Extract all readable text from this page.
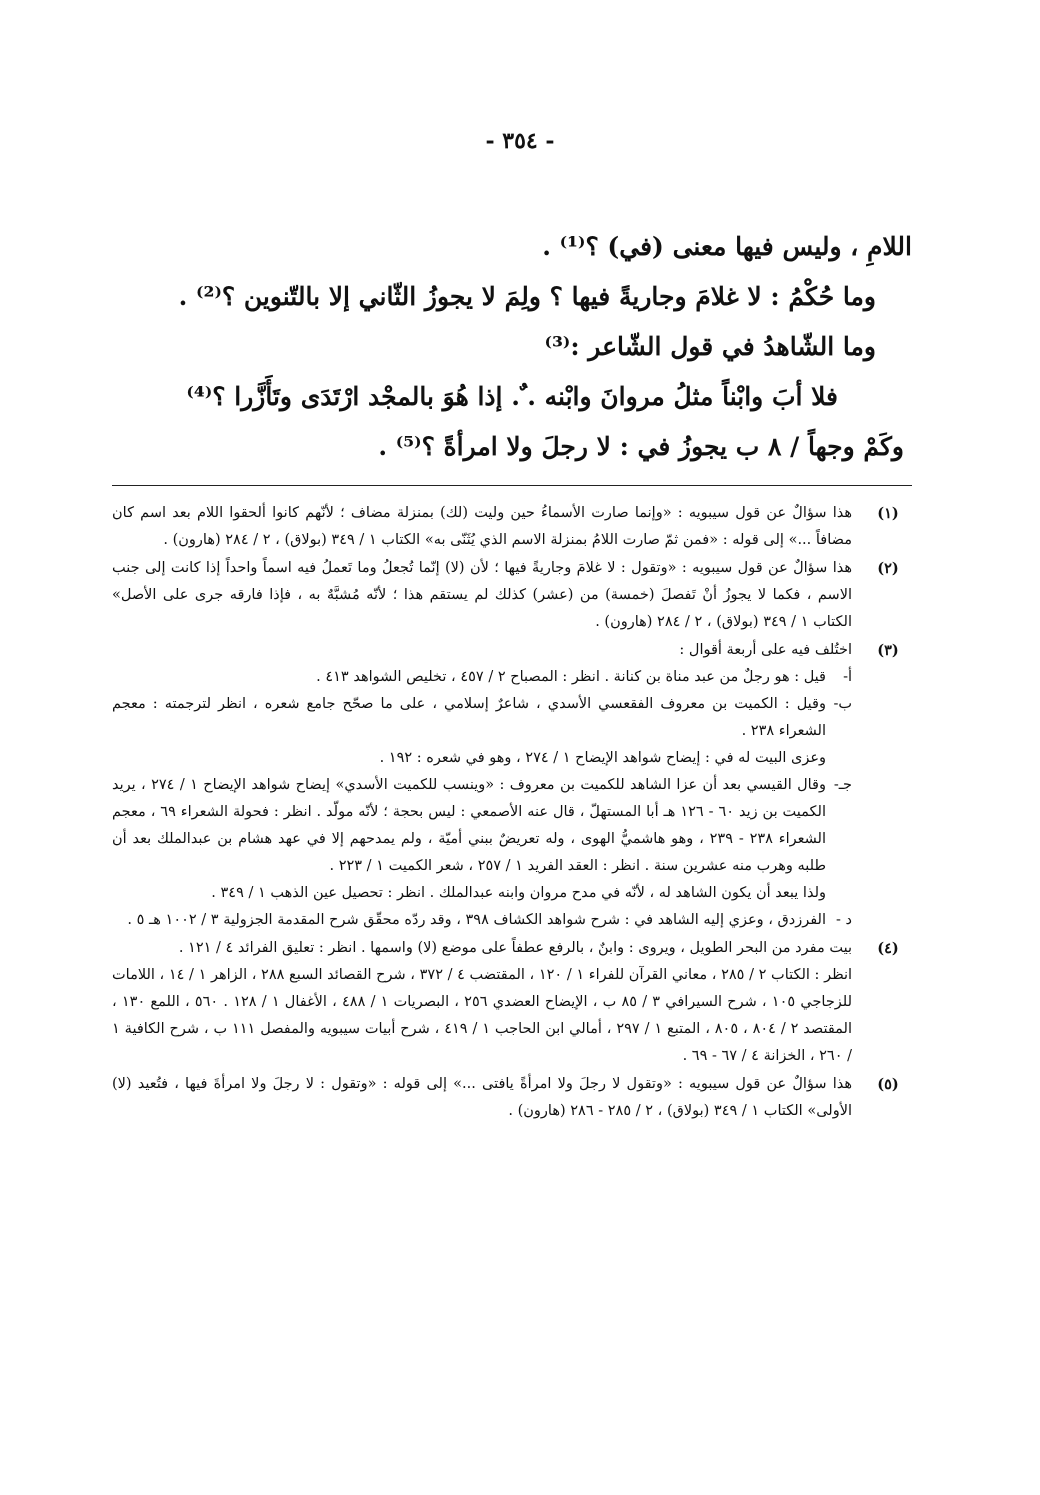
- ٣٥٤ -
اللامِ ، وليس فيها معنى (في) ؟⁽¹⁾ .
وما حُكْمُ : لا غلامَ وجاريةً فيها ؟ ولِمَ لا يجوزُ الثّاني إلا بالتّنوين ؟⁽²⁾ .
وما الشّاهدُ في قول الشّاعر :⁽³⁾
فلا أبَ وابْناً مثلُ مروانَ وابْنه . ٌ. إذا هُوَ بالمجْد ارْتَدَى وتَأَزَّرا ؟⁽⁴⁾
وكَمْ وجهاً / ٨ ب يجوزُ في : لا رجلَ ولا امرأةً ؟⁽⁵⁾ .
(١)
هذا سؤالٌ عن قول سيبويه : «وإنما صارت الأسماءُ حين وليت (لك) بمنزلة مضاف ؛ لأنّهم كانوا ألحقوا اللام بعد اسم كان مضافاً ...» إلى قوله : «فمن ثمّ صارت اللامُ بمنزلة الاسم الذي يُثَنّى به» الكتاب ١ / ٣٤٩ (بولاق) ، ٢ / ٢٨٤ (هارون) .
(٢)
هذا سؤالٌ عن قول سيبويه : «وتقول : لا غلامَ وجاريةً فيها ؛ لأن (لا) إنّما تُجعلُ وما تَعملُ فيه اسماً واحداً إذا كانت إلى جنب الاسم ، فكما لا يجوزُ أنْ تَفصلَ (خمسة) من (عشر) كذلك لم يستقم هذا ؛ لأنّه مُشبَّهٌ به ، فإذا فارقه جرى على الأصل» الكتاب ١ / ٣٤٩ (بولاق) ، ٢ / ٢٨٤ (هارون) .
(٣)
اختُلف فيه على أربعة أقوال :
أ-
قيل : هو رجلٌ من عبد مناة بن كنانة . انظر : المصباح ٢ / ٤٥٧ ، تخليص الشواهد ٤١٣ .
ب-
وقيل : الكميت بن معروف الفقعسي الأسدي ، شاعرٌ إسلامي ، على ما صحّح جامع شعره ، انظر لترجمته : معجم الشعراء ٢٣٨ .
وعزى البيت له في : إيضاح شواهد الإيضاح ١ / ٢٧٤ ، وهو في شعره : ١٩٢ .
جـ-
وقال القيسي بعد أن عزا الشاهد للكميت بن معروف : «وينسب للكميت الأسدي» إيضاح شواهد الإيضاح ١ / ٢٧٤ ، يريد الكميت بن زيد ٦٠ - ١٢٦ هـ أبا المستهلّ ، قال عنه الأصمعي : ليس بحجة ؛ لأنّه مولّد . انظر : فحولة الشعراء ٦٩ ، معجم الشعراء ٢٣٨ - ٢٣٩ ، وهو هاشميُّ الهوى ، وله تعريضٌ ببني أميّة ، ولم يمدحهم إلا في عهد هشام بن عبدالملك بعد أن طلبه وهرب منه عشرين سنة . انظر : العقد الفريد ١ / ٢٥٧ ، شعر الكميت ١ / ٢٢٣ .
ولذا يبعد أن يكون الشاهد له ، لأنّه في مدح مروان وابنه عبدالملك . انظر : تحصيل عين الذهب ١ / ٣٤٩ .
د -
الفرزدق ، وعزي إليه الشاهد في : شرح شواهد الكشاف ٣٩٨ ، وقد ردّه محقّق شرح المقدمة الجزولية ٣ / ١٠٠٢ هـ ٥ .
(٤)
بيت مفرد من البحر الطويل ، ويروى : وابنٌ ، بالرفع عطفاً على موضع (لا) واسمها . انظر : تعليق الفرائد ٤ / ١٢١ .
انظر : الكتاب ٢ / ٢٨٥ ، معاني القرآن للفراء ١ / ١٢٠ ، المقتضب ٤ / ٣٧٢ ، شرح القصائد السبع ٢٨٨ ، الزاهر ١ / ١٤ ، اللامات للزجاجي ١٠٥ ، شرح السيرافي ٣ / ٨٥ ب ، الإيضاح العضدي ٢٥٦ ، البصريات ١ / ٤٨٨ ، الأغفال ١ / ١٢٨ . ٥٦٠ ، اللمع ١٣٠ ، المقتصد ٢ / ٨٠٤ ، ٨٠٥ ، المتبع ١ / ٢٩٧ ، أمالي ابن الحاجب ١ / ٤١٩ ، شرح أبيات سيبويه والمفصل ١١١ ب ، شرح الكافية ١ / ٢٦٠ ، الخزانة ٤ / ٦٧ - ٦٩ .
(٥)
هذا سؤالٌ عن قول سيبويه : «وتقول لا رجلَ ولا امرأةً يافتى ...» إلى قوله : «وتقول : لا رجلَ ولا امرأةَ فيها ، فتُعيد (لا) الأولى» الكتاب ١ / ٣٤٩ (بولاق) ، ٢ / ٢٨٥ - ٢٨٦ (هارون) .
